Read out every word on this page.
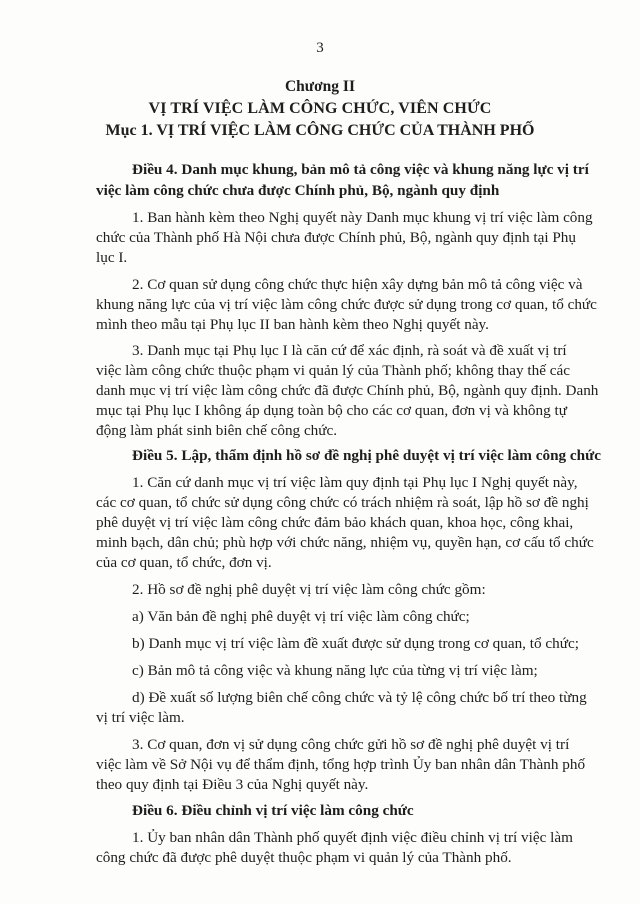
3
Chương II
VỊ TRÍ VIỆC LÀM CÔNG CHỨC, VIÊN CHỨC
Mục 1. VỊ TRÍ VIỆC LÀM CÔNG CHỨC CỦA THÀNH PHỐ
Điều 4. Danh mục khung, bản mô tả công việc và khung năng lực vị trí
việc làm công chức chưa được Chính phủ, Bộ, ngành quy định
1. Ban hành kèm theo Nghị quyết này Danh mục khung vị trí việc làm công
chức của Thành phố Hà Nội chưa được Chính phủ, Bộ, ngành quy định tại Phụ
lục I.
2. Cơ quan sử dụng công chức thực hiện xây dựng bản mô tả công việc và
khung năng lực của vị trí việc làm công chức được sử dụng trong cơ quan, tổ chức
mình theo mẫu tại Phụ lục II ban hành kèm theo Nghị quyết này.
3. Danh mục tại Phụ lục I là căn cứ để xác định, rà soát và đề xuất vị trí
việc làm công chức thuộc phạm vi quản lý của Thành phố; không thay thế các
danh mục vị trí việc làm công chức đã được Chính phủ, Bộ, ngành quy định. Danh
mục tại Phụ lục I không áp dụng toàn bộ cho các cơ quan, đơn vị và không tự
động làm phát sinh biên chế công chức.
Điều 5. Lập, thẩm định hồ sơ đề nghị phê duyệt vị trí việc làm công chức
1. Căn cứ danh mục vị trí việc làm quy định tại Phụ lục I Nghị quyết này,
các cơ quan, tổ chức sử dụng công chức có trách nhiệm rà soát, lập hồ sơ đề nghị
phê duyệt vị trí việc làm công chức đảm bảo khách quan, khoa học, công khai,
minh bạch, dân chủ; phù hợp với chức năng, nhiệm vụ, quyền hạn, cơ cấu tổ chức
của cơ quan, tổ chức, đơn vị.
2. Hồ sơ đề nghị phê duyệt vị trí việc làm công chức gồm:
a) Văn bản đề nghị phê duyệt vị trí việc làm công chức;
b) Danh mục vị trí việc làm đề xuất được sử dụng trong cơ quan, tổ chức;
c) Bản mô tả công việc và khung năng lực của từng vị trí việc làm;
d) Đề xuất số lượng biên chế công chức và tỷ lệ công chức bố trí theo từng
vị trí việc làm.
3. Cơ quan, đơn vị sử dụng công chức gửi hồ sơ đề nghị phê duyệt vị trí
việc làm về Sở Nội vụ để thẩm định, tổng hợp trình Ủy ban nhân dân Thành phố
theo quy định tại Điều 3 của Nghị quyết này.
Điều 6. Điều chỉnh vị trí việc làm công chức
1. Ủy ban nhân dân Thành phố quyết định việc điều chỉnh vị trí việc làm
công chức đã được phê duyệt thuộc phạm vi quản lý của Thành phố.
